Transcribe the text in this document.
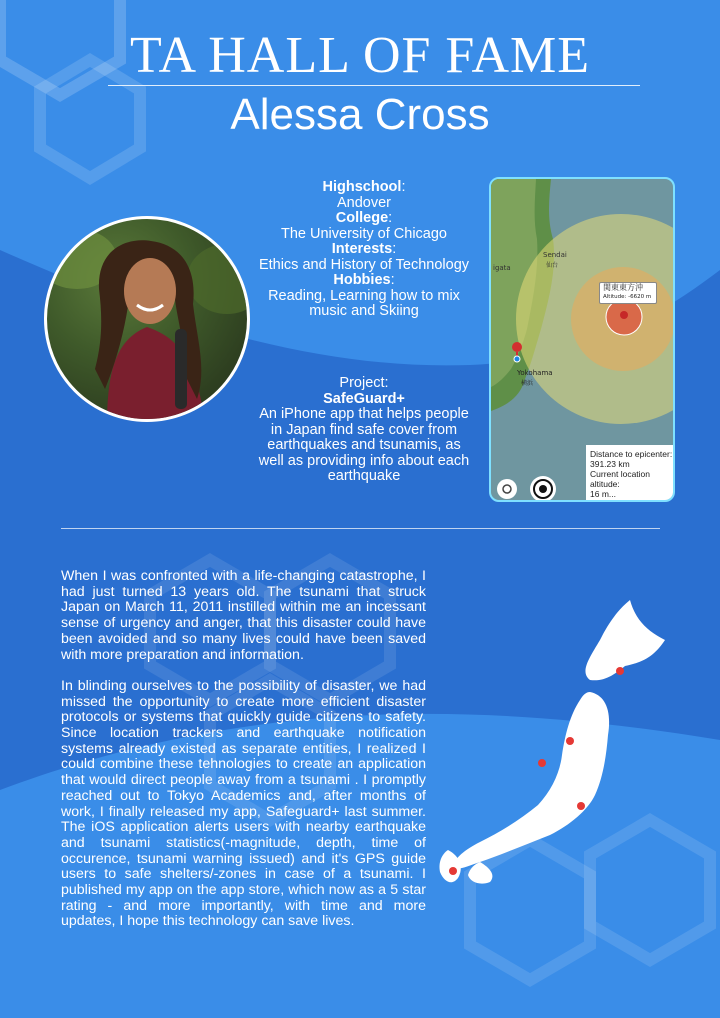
TA HALL OF FAME
Alessa Cross
Highschool:
Andover
College:
The University of Chicago
Interests:
Ethics and History of Technology
Hobbies:
Reading, Learning how to mix music and Skiing
Project:
SafeGuard+
An iPhone app that helps people in Japan find safe cover from earthquakes and tsunamis, as well as providing info about each earthquake
Sendai
仙台
igata
Yokohama
横浜
関東東方沖
Altitude: -6620 m
Distance to epicenter:
391.23 km
Current location altitude:
16 m...

When I was confronted with a life-changing catastrophe, I had just turned 13 years old. The tsunami that struck Japan on March 11, 2011 instilled within me an incessant sense of urgency and anger, that this disaster could have been avoided and so many lives could have been saved with more preparation and information.

In blinding ourselves to the possibility of disaster, we had missed the opportunity to create more efficient disaster protocols or systems that quickly guide citizens to safety. Since location trackers and earthquake notification systems already existed as separate entities, I realized I could combine these tehnologies to create an application that would direct people away from a tsunami . I promptly reached out to Tokyo Academics and, after months of work, I finally released my app, Safeguard+ last summer. The iOS application alerts users with nearby earthquake and tsunami statistics(-magnitude, depth, time of occurence, tsunami warning issued) and it's GPS guide users to safe shelters/-zones in case of a tsunami. I published my app on the app store, which now as a 5 star rating - and more importantly, with time and more updates, I hope this technology can save lives.
